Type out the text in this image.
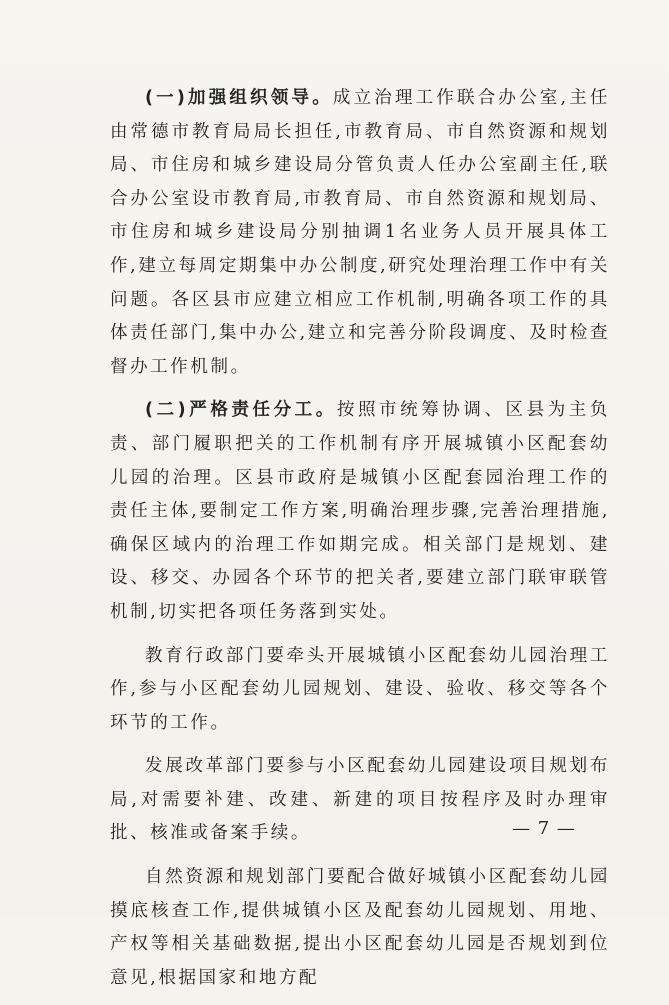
(一)加强组织领导。成立治理工作联合办公室,主任由常德市教育局局长担任,市教育局、市自然资源和规划局、市住房和城乡建设局分管负责人任办公室副主任,联合办公室设市教育局,市教育局、市自然资源和规划局、市住房和城乡建设局分别抽调1名业务人员开展具体工作,建立每周定期集中办公制度,研究处理治理工作中有关问题。各区县市应建立相应工作机制,明确各项工作的具体责任部门,集中办公,建立和完善分阶段调度、及时检查督办工作机制。

(二)严格责任分工。按照市统筹协调、区县为主负责、部门履职把关的工作机制有序开展城镇小区配套幼儿园的治理。区县市政府是城镇小区配套园治理工作的责任主体,要制定工作方案,明确治理步骤,完善治理措施,确保区域内的治理工作如期完成。相关部门是规划、建设、移交、办园各个环节的把关者,要建立部门联审联管机制,切实把各项任务落到实处。

教育行政部门要牵头开展城镇小区配套幼儿园治理工作,参与小区配套幼儿园规划、建设、验收、移交等各个环节的工作。

发展改革部门要参与小区配套幼儿园建设项目规划布局,对需要补建、改建、新建的项目按程序及时办理审批、核准或备案手续。

自然资源和规划部门要配合做好城镇小区配套幼儿园摸底核查工作,提供城镇小区及配套幼儿园规划、用地、产权等相关基础数据,提出小区配套幼儿园是否规划到位意见,根据国家和地方配

— 7 —
